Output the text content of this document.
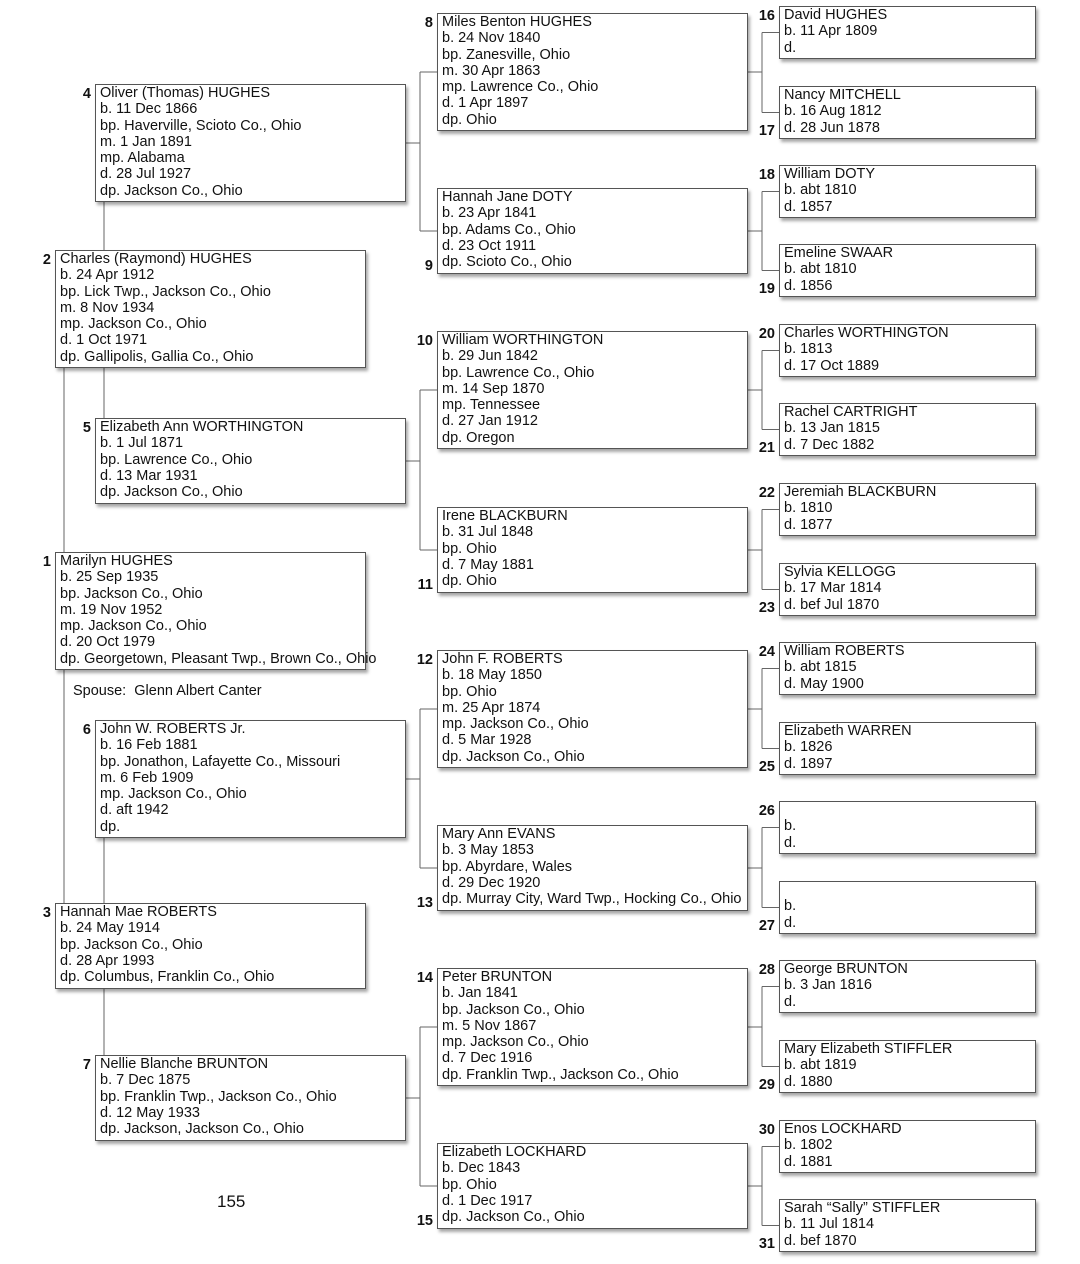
Marilyn HUGHES
b. 25 Sep 1935
bp. Jackson Co., Ohio
m. 19 Nov 1952
mp. Jackson Co., Ohio
d. 20 Oct 1979
dp. Georgetown, Pleasant Twp., Brown Co., Ohio
1
Charles (Raymond) HUGHES
b. 24 Apr 1912
bp. Lick Twp., Jackson Co., Ohio
m. 8 Nov 1934
mp. Jackson Co., Ohio
d. 1 Oct 1971
dp. Gallipolis, Gallia Co., Ohio
2
Hannah Mae ROBERTS
b. 24 May 1914
bp. Jackson Co., Ohio
d. 28 Apr 1993
dp. Columbus, Franklin Co., Ohio
3
Oliver (Thomas) HUGHES
b. 11 Dec 1866
bp. Haverville, Scioto Co., Ohio
m. 1 Jan 1891
mp. Alabama
d. 28 Jul 1927
dp. Jackson Co., Ohio
4
Elizabeth Ann WORTHINGTON
b. 1 Jul 1871
bp. Lawrence Co., Ohio
d. 13 Mar 1931
dp. Jackson Co., Ohio
5
John W. ROBERTS Jr.
b. 16 Feb 1881
bp. Jonathon, Lafayette Co., Missouri
m. 6 Feb 1909
mp. Jackson Co., Ohio
d. aft 1942
dp.
6
Nellie Blanche BRUNTON
b. 7 Dec 1875
bp. Franklin Twp., Jackson Co., Ohio
d. 12 May 1933
dp. Jackson, Jackson Co., Ohio
7
Miles Benton HUGHES
b. 24 Nov 1840
bp. Zanesville, Ohio
m. 30 Apr 1863
mp. Lawrence Co., Ohio
d. 1 Apr 1897
dp. Ohio
8
Hannah Jane DOTY
b. 23 Apr 1841
bp. Adams Co., Ohio
d. 23 Oct 1911
dp. Scioto Co., Ohio
9
William WORTHINGTON
b. 29 Jun 1842
bp. Lawrence Co., Ohio
m. 14 Sep 1870
mp. Tennessee
d. 27 Jan 1912
dp. Oregon
10
Irene BLACKBURN
b. 31 Jul 1848
bp. Ohio
d. 7 May 1881
dp. Ohio
11
John F. ROBERTS
b. 18 May 1850
bp. Ohio
m. 25 Apr 1874
mp. Jackson Co., Ohio
d. 5 Mar 1928
dp. Jackson Co., Ohio
12
Mary Ann EVANS
b. 3 May 1853
bp. Abyrdare, Wales
d. 29 Dec 1920
dp. Murray City, Ward Twp., Hocking Co., Ohio
13
Peter BRUNTON
b. Jan 1841
bp. Jackson Co., Ohio
m. 5 Nov 1867
mp. Jackson Co., Ohio
d. 7 Dec 1916
dp. Franklin Twp., Jackson Co., Ohio
14
Elizabeth LOCKHARD
b. Dec 1843
bp. Ohio
d. 1 Dec 1917
dp. Jackson Co., Ohio
15
David HUGHES
b. 11 Apr 1809
d.
16
Nancy MITCHELL
b. 16 Aug 1812
d. 28 Jun 1878
17
William DOTY
b. abt 1810
d. 1857
18
Emeline SWAAR
b. abt 1810
d. 1856
19
Charles WORTHINGTON
b. 1813
d. 17 Oct 1889
20
Rachel CARTRIGHT
b. 13 Jan 1815
d. 7 Dec 1882
21
Jeremiah BLACKBURN
b. 1810
d. 1877
22
Sylvia KELLOGG
b. 17 Mar 1814
d. bef Jul 1870
23
William ROBERTS
b. abt 1815
d. May 1900
24
Elizabeth WARREN
b. 1826
d. 1897
25
b.
d.
26
b.
d.
27
George BRUNTON
b. 3 Jan 1816
d.
28
Mary Elizabeth STIFFLER
b. abt 1819
d. 1880
29
Enos LOCKHARD
b. 1802
d. 1881
30
Sarah “Sally” STIFFLER
b. 11 Jul 1814
d. bef 1870
31
Spouse: Glenn Albert Canter
155
